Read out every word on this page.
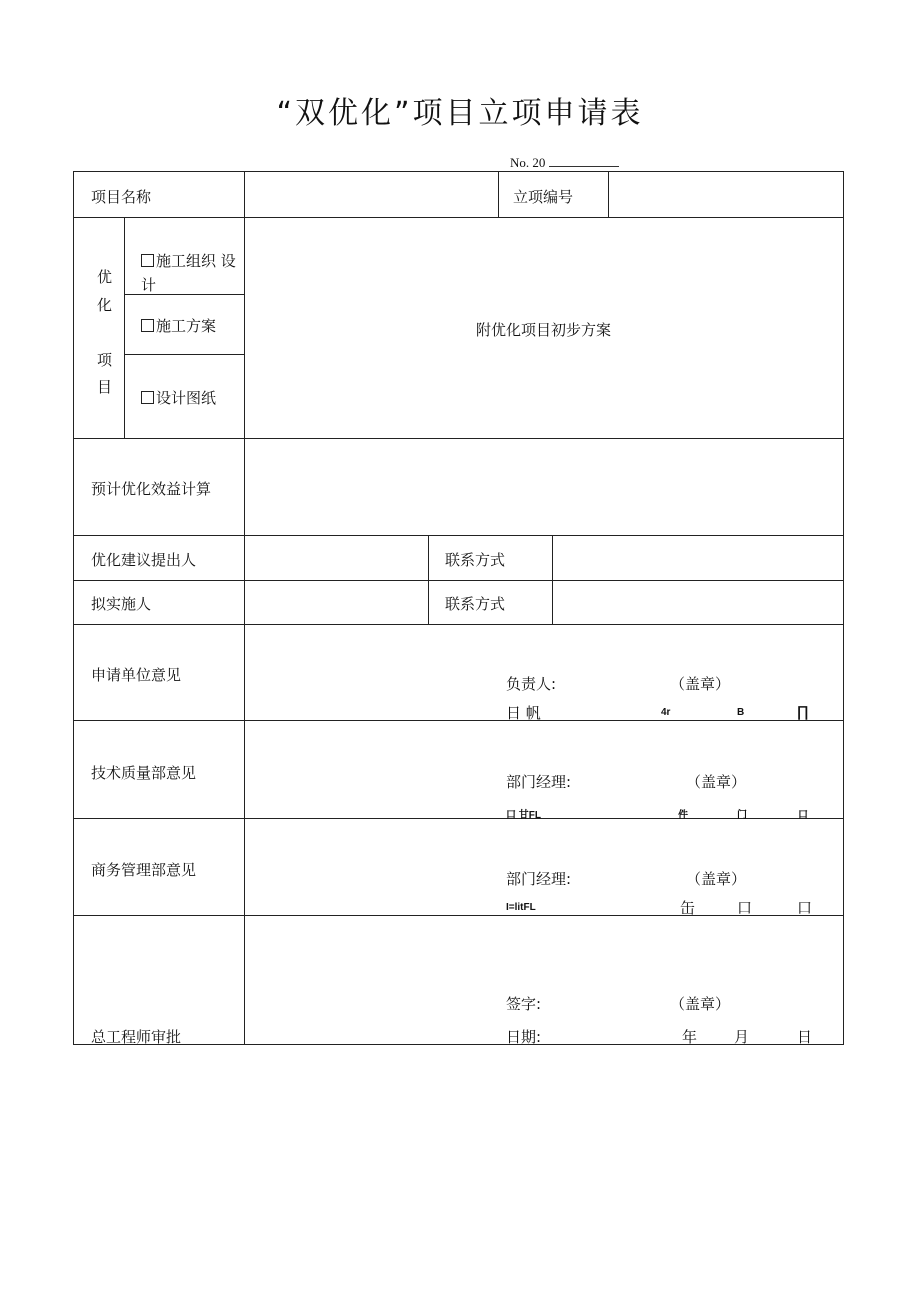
“双优化”项目立项申请表
No. 20
项目名称	立项编号
优
化
项
目
施工组织 设
计
施工方案
设计图纸
附优化项目初步方案
预计优化效益计算
优化建议提出人	联系方式
拟实施人	联系方式
申请单位意见	负责人:	（盖章）
日 帆	4r	B	∏
技术质量部意见	部门经理:	（盖章）
口 甘FL	件	门	口
商务管理部意见	部门经理:	（盖章）
I=litFL	缶	口	口
总工程师审批
签字:	（盖章）
日期:	年 月	日
